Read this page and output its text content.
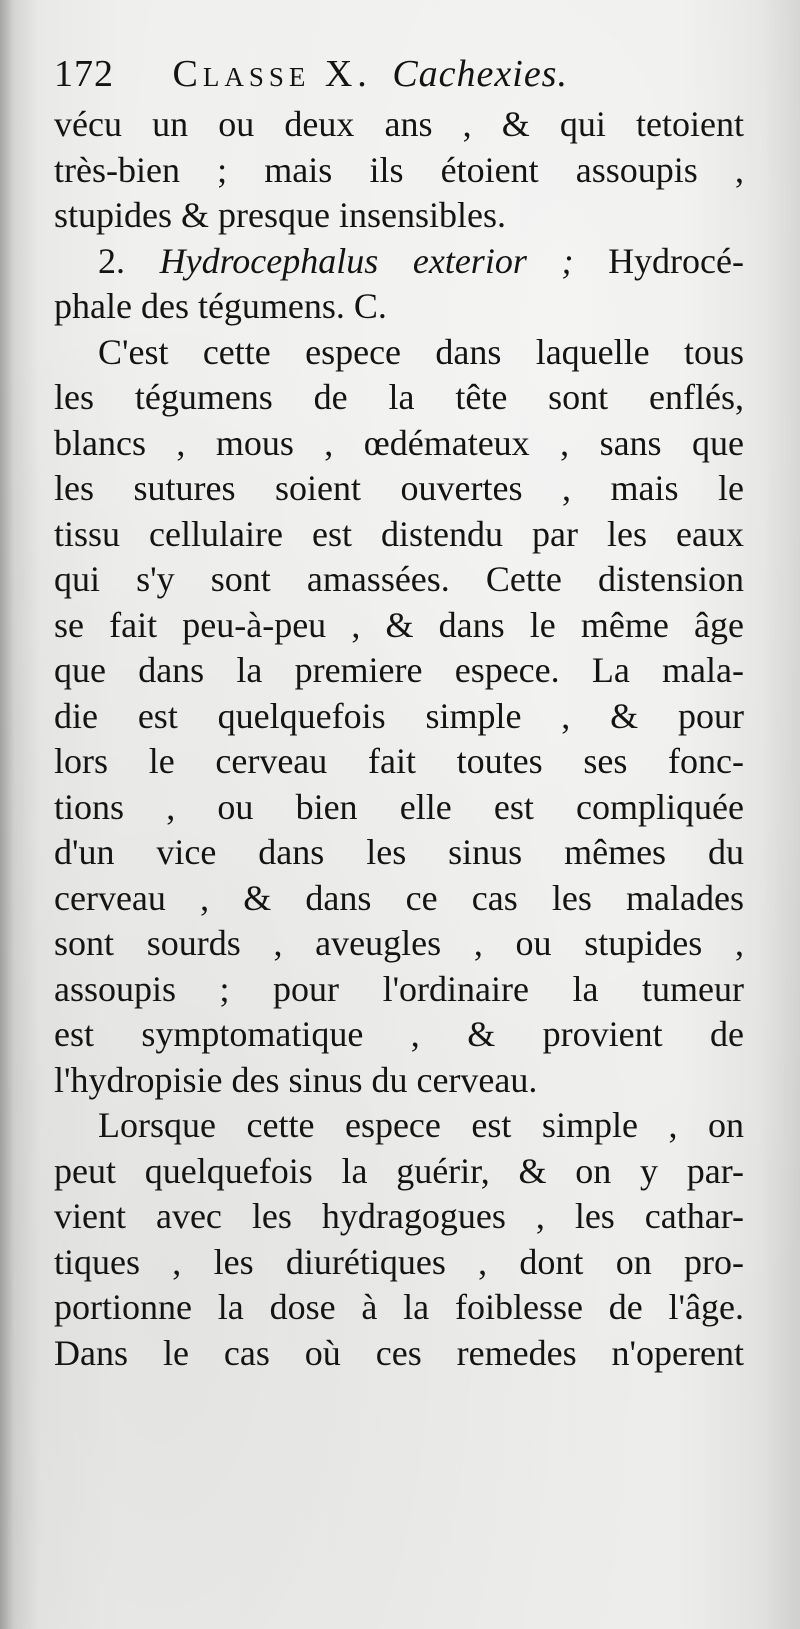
172 Classe X. Cachexies.
vécu un ou deux ans , & qui tetoient
très-bien ; mais ils étoient assoupis ,
stupides & presque insensibles.
2. Hydrocephalus exterior ; Hydrocé-
phale des tégumens. C.
C'est cette espece dans laquelle tous
les tégumens de la tête sont enflés,
blancs , mous , œdémateux , sans que
les sutures soient ouvertes , mais le
tissu cellulaire est distendu par les eaux
qui s'y sont amassées. Cette distension
se fait peu-à-peu , & dans le même âge
que dans la premiere espece. La mala-
die est quelquefois simple , & pour
lors le cerveau fait toutes ses fonc-
tions , ou bien elle est compliquée
d'un vice dans les sinus mêmes du
cerveau , & dans ce cas les malades
sont sourds , aveugles , ou stupides ,
assoupis ; pour l'ordinaire la tumeur
est symptomatique , & provient de
l'hydropisie des sinus du cerveau.
Lorsque cette espece est simple , on
peut quelquefois la guérir, & on y par-
vient avec les hydragogues , les cathar-
tiques , les diurétiques , dont on pro-
portionne la dose à la foiblesse de l'âge.
Dans le cas où ces remedes n'operent
